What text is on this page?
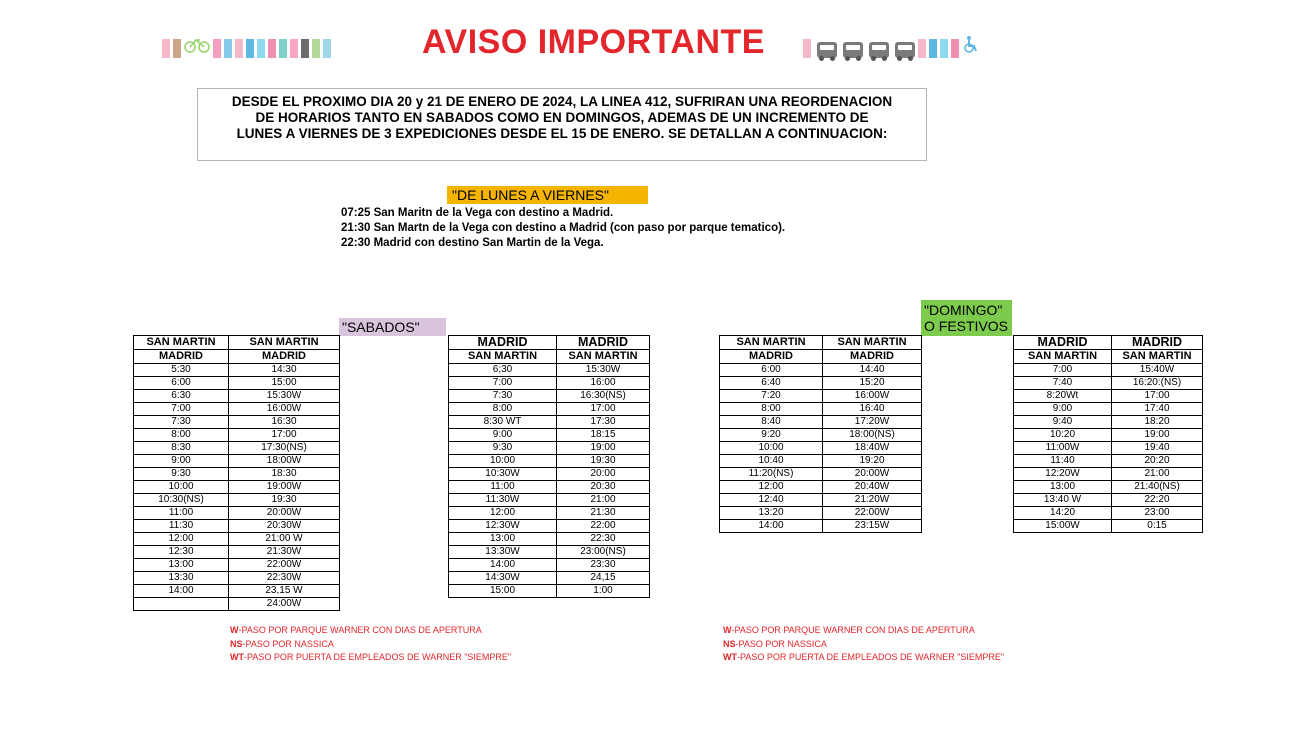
AVISO IMPORTANTE
DESDE EL PROXIMO DIA 20 y 21 DE ENERO DE 2024, LA LINEA 412, SUFRIRAN UNA REORDENACION
DE HORARIOS TANTO EN SABADOS COMO EN DOMINGOS, ADEMAS DE UN INCREMENTO DE
LUNES A VIERNES DE 3 EXPEDICIONES DESDE EL 15 DE ENERO. SE DETALLAN A CONTINUACION:
"DE LUNES A VIERNES"
07:25 San Maritn de la Vega con destino a Madrid.
21:30 San Martn de la Vega con destino a Madrid (con paso por parque tematico).
22:30 Madrid con destino San Martin de la Vega.
"SABADOS"
"DOMINGO"
O FESTIVOS
SAN MARTIN	SAN MARTIN
MADRID	MADRID
5:30	14:30
6:00	15:00
6:30	15:30W
7:00	16:00W
7:30	16:30
8:00	17:00
8:30	17:30(NS)
9:00	18:00W
9:30	18:30
10:00	19:00W
10:30(NS)	19:30
11:00	20:00W
11:30	20:30W
12:00	21:00 W
12:30	21:30W
13:00	22:00W
13:30	22:30W
14:00	23,15 W
	24:00W
MADRID	MADRID
SAN MARTIN	SAN MARTIN
6;30	15:30W
7:00	16:00
7:30	16:30(NS)
8:00	17:00
8:30 WT	17:30
9:00	18:15
9:30	19:00
10:00	19:30
10:30W	20:00
11:00	20:30
11:30W	21:00
12:00	21:30
12:30W	22:00
13:00	22:30
13:30W	23:00(NS)
14:00	23:30
14:30W	24,15
15:00	1:00
SAN MARTIN	SAN MARTIN
MADRID	MADRID
6:00	14:40
6:40	15:20
7:20	16:00W
8:00	16:40
8:40	17:20W
9:20	18:00(NS)
10:00	18:40W
10:40	19:20
11:20(NS)	20:00W
12:00	20:40W
12:40	21:20W
13:20	22:00W
14:00	23:15W
MADRID	MADRID
SAN MARTIN	SAN MARTIN
7:00	15:40W
7:40	16:20:(NS)
8:20Wt	17:00
9:00	17:40
9:40	18:20
10:20	19:00
11:00W	19:40
11:40	20:20
12:20W	21:00
13:00	21:40(NS)
13:40 W	22:20
14:20	23:00
15:00W	0:15
W-PASO POR PARQUE WARNER CON DIAS DE APERTURA
NS-PASO POR NASSICA
WT-PASO POR PUERTA DE EMPLEADOS DE WARNER "SIEMPRE"
W-PASO POR PARQUE WARNER CON DIAS DE APERTURA
NS-PASO POR NASSICA
WT-PASO POR PUERTA DE EMPLEADOS DE WARNER "SIEMPRE"
